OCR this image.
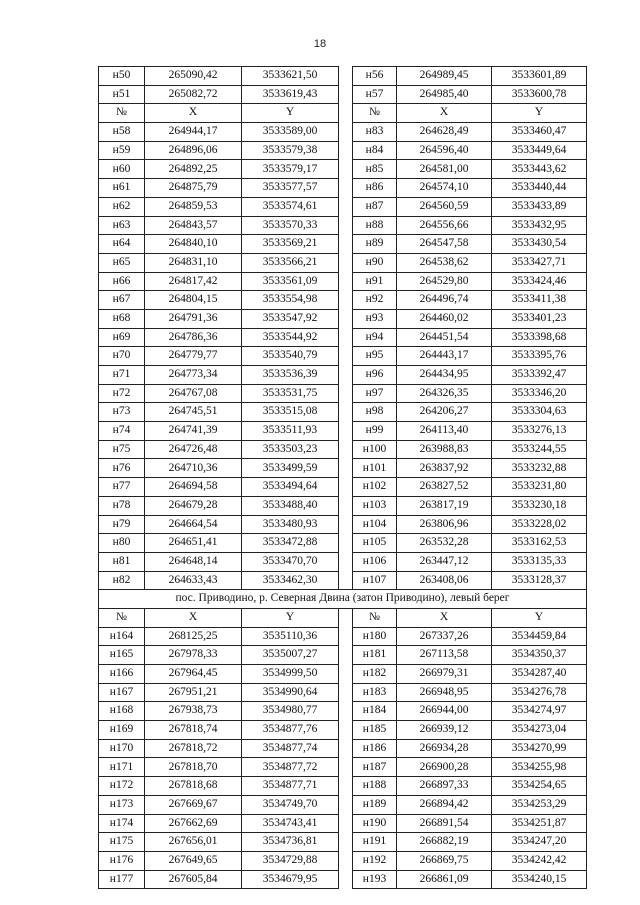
18
н50	265090,42	3533621,50		н56	264989,45	3533601,89
н51	265082,72	3533619,43		н57	264985,40	3533600,78
№	X	Y		№	X	Y
н58	264944,17	3533589,00		н83	264628,49	3533460,47
н59	264896,06	3533579,38		н84	264596,40	3533449,64
н60	264892,25	3533579,17		н85	264581,00	3533443,62
н61	264875,79	3533577,57		н86	264574,10	3533440,44
н62	264859,53	3533574,61		н87	264560,59	3533433,89
н63	264843,57	3533570,33		н88	264556,66	3533432,95
н64	264840,10	3533569,21		н89	264547,58	3533430,54
н65	264831,10	3533566,21		н90	264538,62	3533427,71
н66	264817,42	3533561,09		н91	264529,80	3533424,46
н67	264804,15	3533554,98		н92	264496,74	3533411,38
н68	264791,36	3533547,92		н93	264460,02	3533401,23
н69	264786,36	3533544,92		н94	264451,54	3533398,68
н70	264779,77	3533540,79		н95	264443,17	3533395,76
н71	264773,34	3533536,39		н96	264434,95	3533392,47
н72	264767,08	3533531,75		н97	264326,35	3533346,20
н73	264745,51	3533515,08		н98	264206,27	3533304,63
н74	264741,39	3533511,93		н99	264113,40	3533276,13
н75	264726,48	3533503,23		н100	263988,83	3533244,55
н76	264710,36	3533499,59		н101	263837,92	3533232,88
н77	264694,58	3533494,64		н102	263827,52	3533231,80
н78	264679,28	3533488,40		н103	263817,19	3533230,18
н79	264664,54	3533480,93		н104	263806,96	3533228,02
н80	264651,41	3533472,88		н105	263532,28	3533162,53
н81	264648,14	3533470,70		н106	263447,12	3533135,33
н82	264633,43	3533462,30		н107	263408,06	3533128,37
пос. Приводино, р. Северная Двина (затон Приводино), левый берег						
№	X	Y		№	X	Y
н164	268125,25	3535110,36		н180	267337,26	3534459,84
н165	267978,33	3535007,27		н181	267113,58	3534350,37
н166	267964,45	3534999,50		н182	266979,31	3534287,40
н167	267951,21	3534990,64		н183	266948,95	3534276,78
н168	267938,73	3534980,77		н184	266944,00	3534274,97
н169	267818,74	3534877,76		н185	266939,12	3534273,04
н170	267818,72	3534877,74		н186	266934,28	3534270,99
н171	267818,70	3534877,72		н187	266900,28	3534255,98
н172	267818,68	3534877,71		н188	266897,33	3534254,65
н173	267669,67	3534749,70		н189	266894,42	3534253,29
н174	267662,69	3534743,41		н190	266891,54	3534251,87
н175	267656,01	3534736,81		н191	266882,19	3534247,20
н176	267649,65	3534729,88		н192	266869,75	3534242,42
н177	267605,84	3534679,95		н193	266861,09	3534240,15
